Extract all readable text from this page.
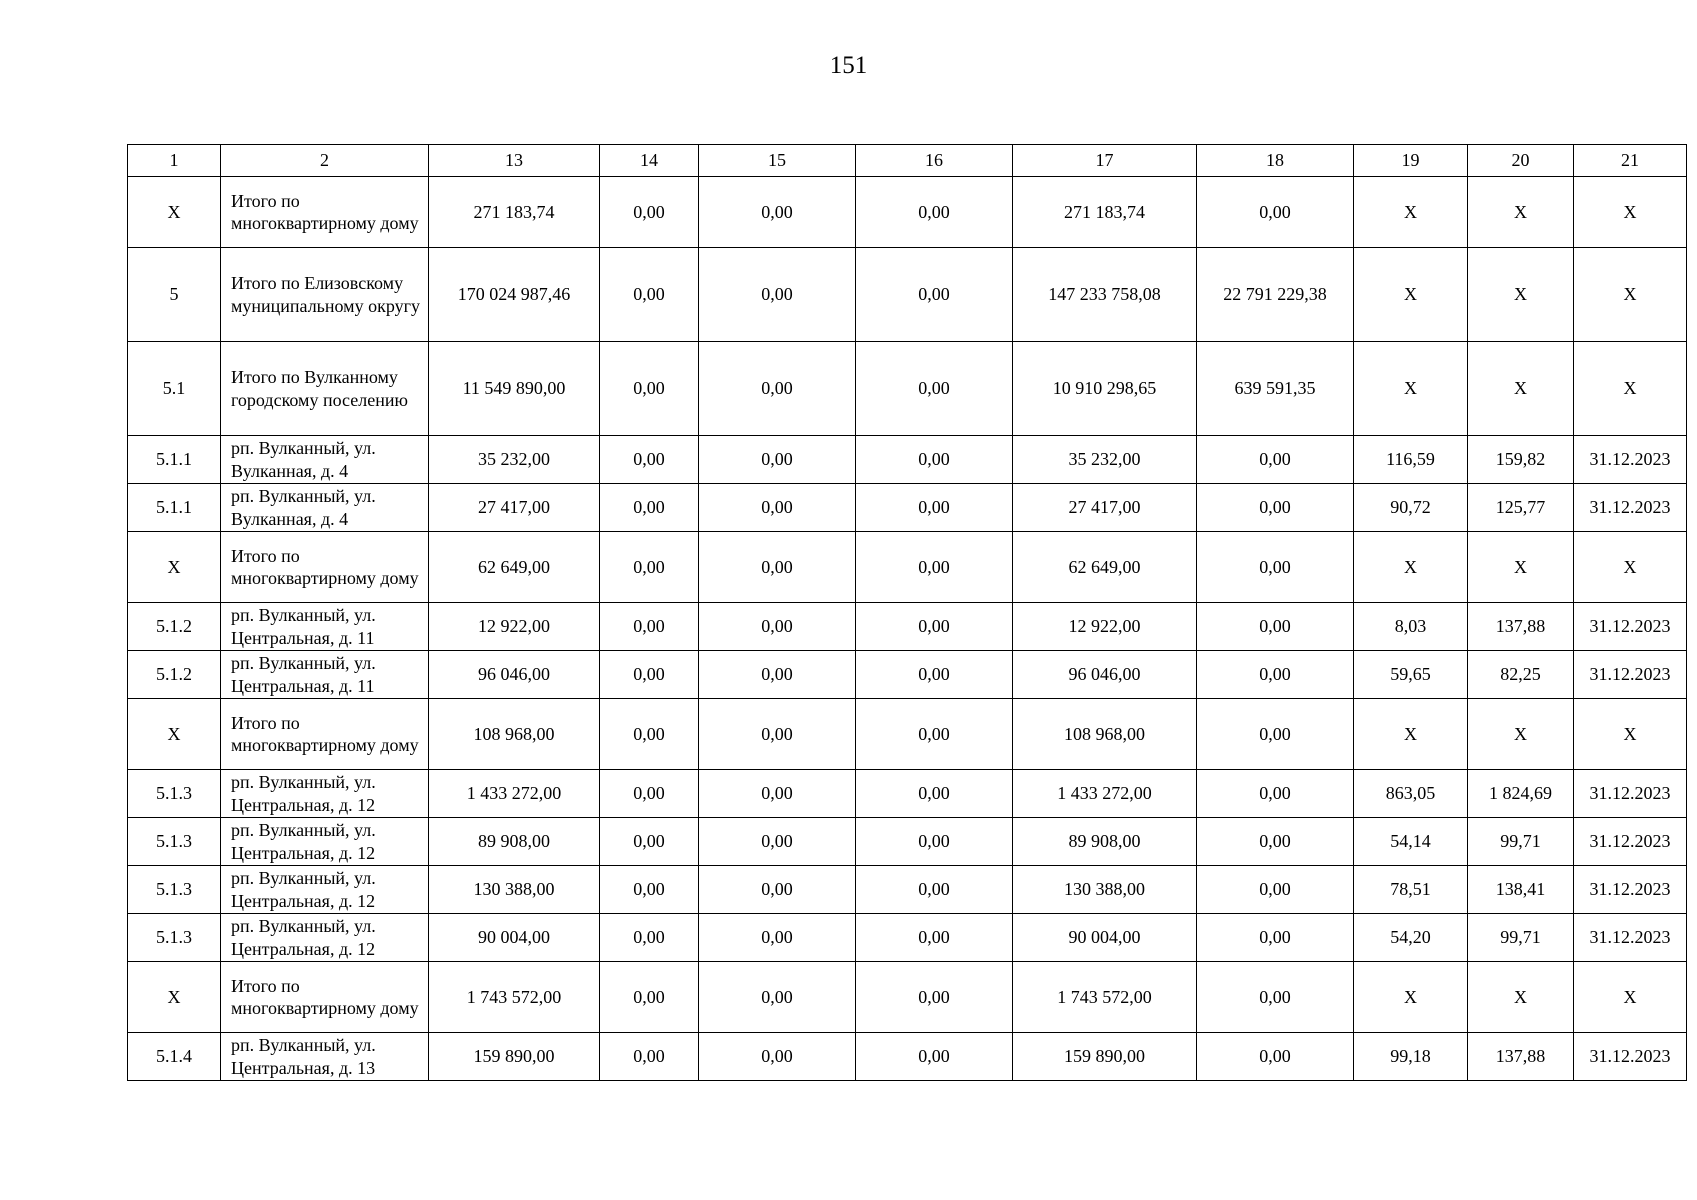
151
1	2	13	14	15	16	17	18	19	20	21
Х	Итого по многоквартирному дому	271 183,74	0,00	0,00	0,00	271 183,74	0,00	Х	Х	Х
5	Итого по Елизовскому муниципальному округу	170 024 987,46	0,00	0,00	0,00	147 233 758,08	22 791 229,38	Х	Х	Х
5.1	Итого по Вулканному городскому поселению	11 549 890,00	0,00	0,00	0,00	10 910 298,65	639 591,35	Х	Х	Х
5.1.1	рп. Вулканный, ул. Вулканная, д. 4	35 232,00	0,00	0,00	0,00	35 232,00	0,00	116,59	159,82	31.12.2023
5.1.1	рп. Вулканный, ул. Вулканная, д. 4	27 417,00	0,00	0,00	0,00	27 417,00	0,00	90,72	125,77	31.12.2023
Х	Итого по многоквартирному дому	62 649,00	0,00	0,00	0,00	62 649,00	0,00	Х	Х	Х
5.1.2	рп. Вулканный, ул. Центральная, д. 11	12 922,00	0,00	0,00	0,00	12 922,00	0,00	8,03	137,88	31.12.2023
5.1.2	рп. Вулканный, ул. Центральная, д. 11	96 046,00	0,00	0,00	0,00	96 046,00	0,00	59,65	82,25	31.12.2023
Х	Итого по многоквартирному дому	108 968,00	0,00	0,00	0,00	108 968,00	0,00	Х	Х	Х
5.1.3	рп. Вулканный, ул. Центральная, д. 12	1 433 272,00	0,00	0,00	0,00	1 433 272,00	0,00	863,05	1 824,69	31.12.2023
5.1.3	рп. Вулканный, ул. Центральная, д. 12	89 908,00	0,00	0,00	0,00	89 908,00	0,00	54,14	99,71	31.12.2023
5.1.3	рп. Вулканный, ул. Центральная, д. 12	130 388,00	0,00	0,00	0,00	130 388,00	0,00	78,51	138,41	31.12.2023
5.1.3	рп. Вулканный, ул. Центральная, д. 12	90 004,00	0,00	0,00	0,00	90 004,00	0,00	54,20	99,71	31.12.2023
Х	Итого по многоквартирному дому	1 743 572,00	0,00	0,00	0,00	1 743 572,00	0,00	Х	Х	Х
5.1.4	рп. Вулканный, ул. Центральная, д. 13	159 890,00	0,00	0,00	0,00	159 890,00	0,00	99,18	137,88	31.12.2023
